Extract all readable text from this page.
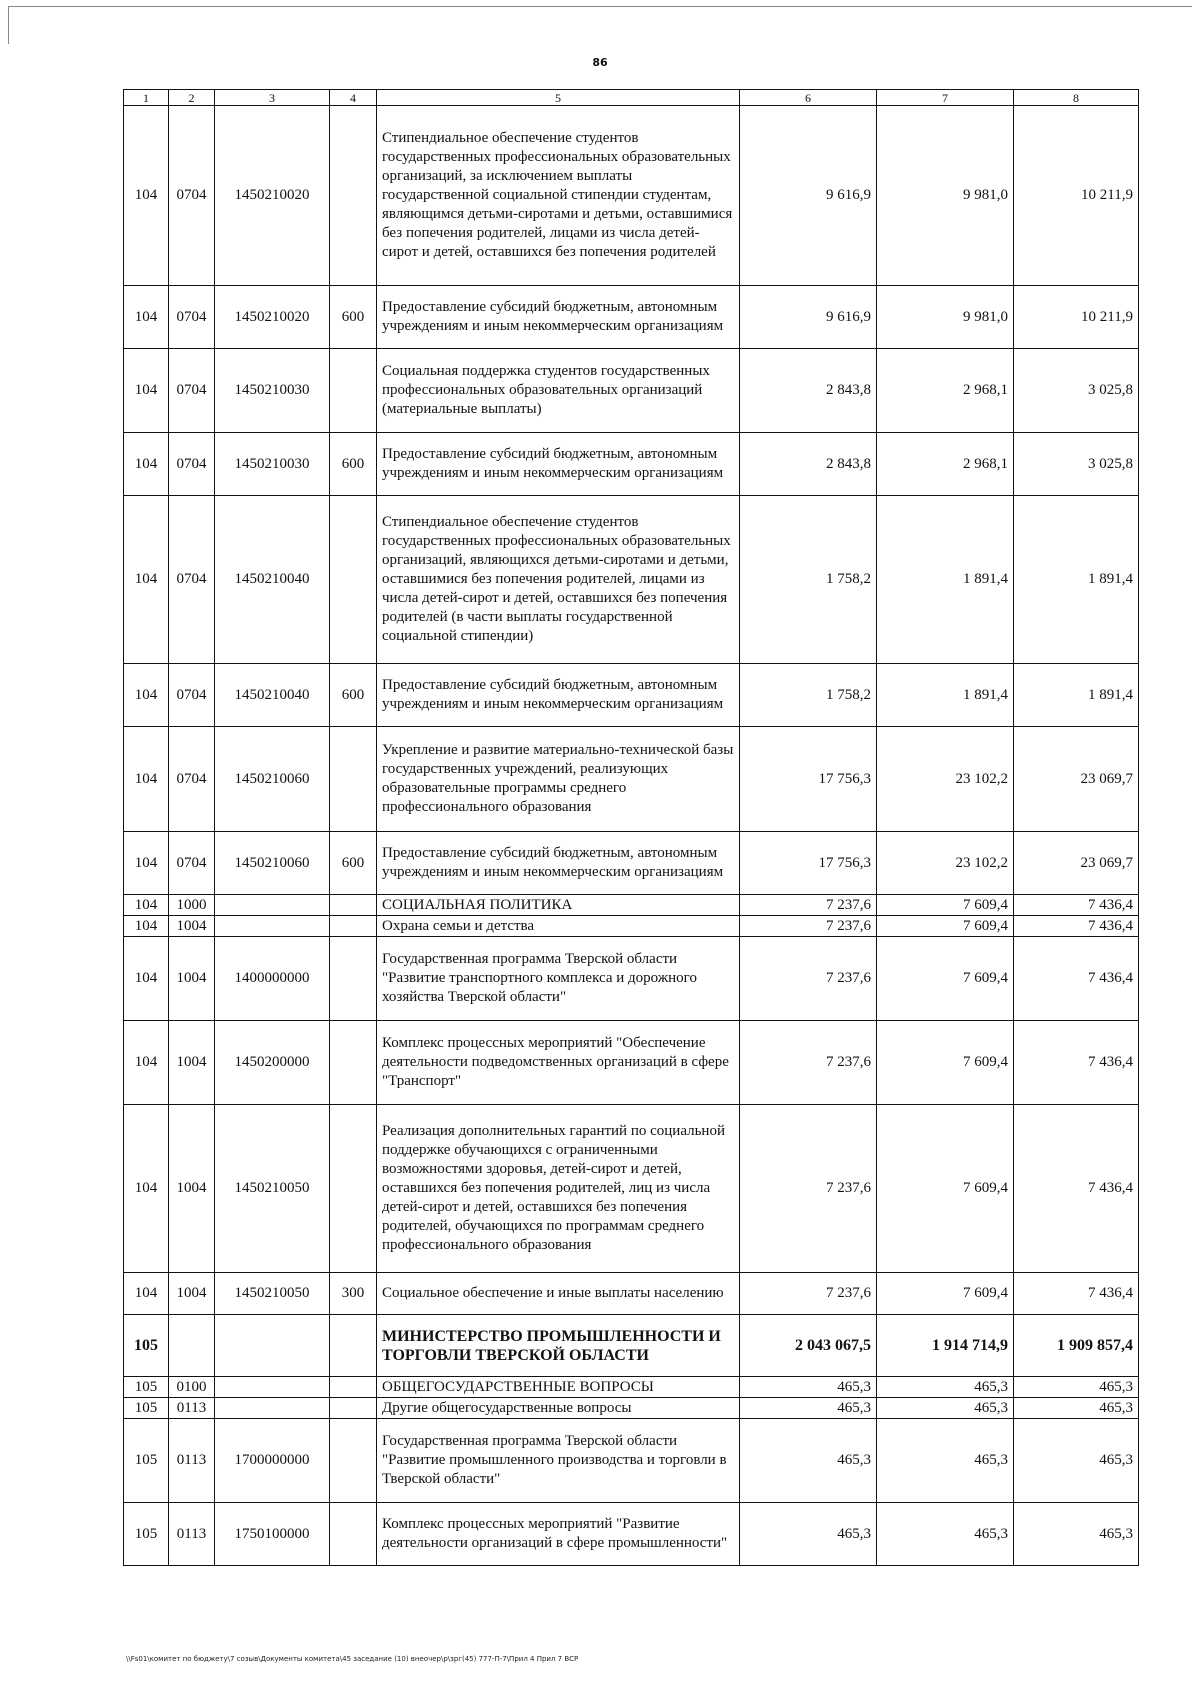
86
1	2	3	4	5	6	7	8
104	0704	1450210020		Стипендиальное обеспечение студентов государственных профессиональных образовательных организаций, за исключением выплаты государственной социальной стипендии студентам, являющимся детьми-сиротами и детьми, оставшимися без попечения родителей, лицами из числа детей-сирот и детей, оставшихся без попечения родителей	9 616,9	9 981,0	10 211,9
104	0704	1450210020	600	Предоставление субсидий бюджетным, автономным учреждениям и иным некоммерческим организациям	9 616,9	9 981,0	10 211,9
104	0704	1450210030		Социальная поддержка студентов государственных профессиональных образовательных организаций (материальные выплаты)	2 843,8	2 968,1	3 025,8
104	0704	1450210030	600	Предоставление субсидий бюджетным, автономным учреждениям и иным некоммерческим организациям	2 843,8	2 968,1	3 025,8
104	0704	1450210040		Стипендиальное обеспечение студентов государственных профессиональных образовательных организаций, являющихся детьми-сиротами и детьми, оставшимися без попечения родителей, лицами из числа детей-сирот и детей, оставшихся без попечения родителей (в части выплаты государственной социальной стипендии)	1 758,2	1 891,4	1 891,4
104	0704	1450210040	600	Предоставление субсидий бюджетным, автономным учреждениям и иным некоммерческим организациям	1 758,2	1 891,4	1 891,4
104	0704	1450210060		Укрепление и развитие материально-технической базы государственных учреждений, реализующих образовательные программы среднего профессионального образования	17 756,3	23 102,2	23 069,7
104	0704	1450210060	600	Предоставление субсидий бюджетным, автономным учреждениям и иным некоммерческим организациям	17 756,3	23 102,2	23 069,7
104	1000			СОЦИАЛЬНАЯ ПОЛИТИКА	7 237,6	7 609,4	7 436,4
104	1004			Охрана семьи и детства	7 237,6	7 609,4	7 436,4
104	1004	1400000000		Государственная программа Тверской области "Развитие транспортного комплекса и дорожного хозяйства Тверской области"	7 237,6	7 609,4	7 436,4
104	1004	1450200000		Комплекс процессных мероприятий "Обеспечение деятельности подведомственных организаций в сфере "Транспорт"	7 237,6	7 609,4	7 436,4
104	1004	1450210050		Реализация дополнительных гарантий по социальной поддержке обучающихся с ограниченными возможностями здоровья, детей-сирот и детей, оставшихся без попечения родителей, лиц из числа детей-сирот и детей, оставшихся без попечения родителей, обучающихся по программам среднего профессионального образования	7 237,6	7 609,4	7 436,4
104	1004	1450210050	300	Социальное обеспечение и иные выплаты населению	7 237,6	7 609,4	7 436,4
105				МИНИСТЕРСТВО ПРОМЫШЛЕННОСТИ И ТОРГОВЛИ ТВЕРСКОЙ ОБЛАСТИ	2 043 067,5	1 914 714,9	1 909 857,4
105	0100			ОБЩЕГОСУДАРСТВЕННЫЕ ВОПРОСЫ	465,3	465,3	465,3
105	0113			Другие общегосударственные вопросы	465,3	465,3	465,3
105	0113	1700000000		Государственная программа Тверской области "Развитие промышленного производства и торговли в Тверской области"	465,3	465,3	465,3
105	0113	1750100000		Комплекс процессных мероприятий "Развитие деятельности организаций в сфере промышленности"	465,3	465,3	465,3
\\Fs01\комитет по бюджету\7 созыв\Документы комитета\45 заседание (10) внеочер\р\зрг(45) 777-П-7\Прил 4 Прил 7 ВСР
